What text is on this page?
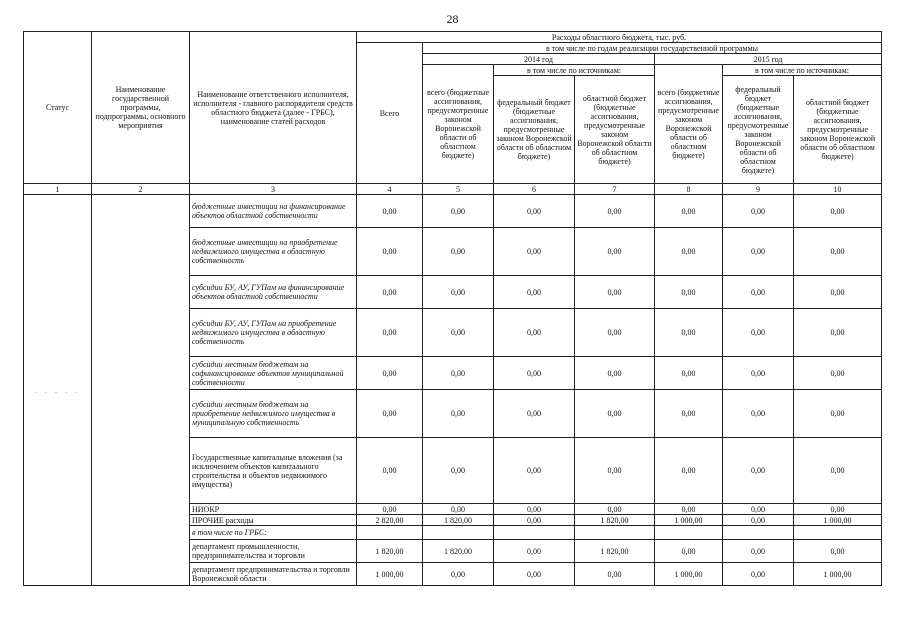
28
Статус	Наименование государственной программы, подпрограммы, основного мероприятия	Наименование ответственного исполнителя, исполнителя - главного распорядителя средств областного бюджета (далее - ГРБС), наименование статей расходов	Расходы областного бюджета, тыс. руб.						
			Всего	в том числе по годам реализации государственной программы					
				2014 год			2015 год		
				всего (бюджетные ассигнования, предусмотренные законом Воронежской области об областном бюджете)	в том числе по источникам:		всего (бюджетные ассигнования, предусмотренные законом Воронежской области об областном бюджете)	в том числе по источникам:	
					федеральный бюджет (бюджетные ассигнования, предусмотренные законом Воронежской области об областном бюджете)	областной бюджет (бюджетные ассигнования, предусмотренные законом Воронежской области об областном бюджете)		федеральный бюджет (бюджетные ассигнования, предусмотренные законом Воронежской области об областном бюджете)	областной бюджет (бюджетные ассигнования, предусмотренные законом Воронежской области об областном бюджете)
1	2	3	4	5	6	7	8	9	10
. . . . .		бюджетные инвестиции на финансирование объектов областной собственности	0,00	0,00	0,00	0,00	0,00	0,00	0,00
		бюджетные инвестиции на приобретение недвижимого имущества в областную собственность	0,00	0,00	0,00	0,00	0,00	0,00	0,00
		субсидии БУ, АУ, ГУПам на финансирование объектов областной собственности	0,00	0,00	0,00	0,00	0,00	0,00	0,00
		субсидии БУ, АУ, ГУПам на приобретение недвижимого имущества в областную собственность	0,00	0,00	0,00	0,00	0,00	0,00	0,00
		субсидии местным бюджетам на софинансирование объектов муниципальной собственности	0,00	0,00	0,00	0,00	0,00	0,00	0,00
		субсидии местным бюджетам на приобретение недвижимого имущества в муниципальную собственность	0,00	0,00	0,00	0,00	0,00	0,00	0,00
		Государственные капитальные вложения (за исключением объектов капитального строительства и объектов недвижимого имущества)	0,00	0,00	0,00	0,00	0,00	0,00	0,00
		НИОКР	0,00	0,00	0,00	0,00	0,00	0,00	0,00
		ПРОЧИЕ расходы	2 820,00	1 820,00	0,00	1 820,00	1 000,00	0,00	1 000,00
		в том числе по ГРБС:							
		департамент промышленности, предпринимательства и торговли	1 820,00	1 820,00	0,00	1 820,00	0,00	0,00	0,00
		департамент предпринимательства и торговли Воронежской области	1 000,00	0,00	0,00	0,00	1 000,00	0,00	1 000,00
